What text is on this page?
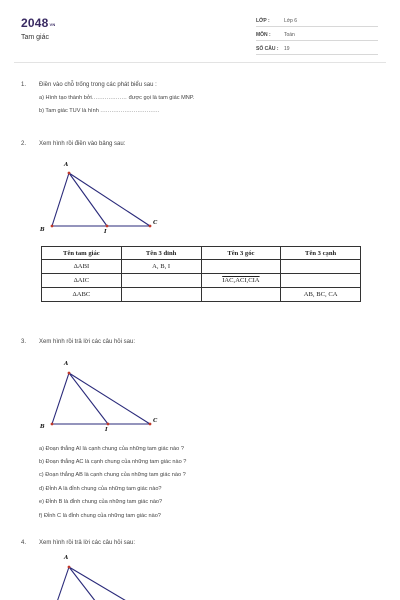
2048VN
Tam giác
LỚP :	Lớp 6
MÔN :	Toán
SỐ CÂU : 19
1. Điền vào chỗ trống trong các phát biểu sau :
a) Hình tạo thành bởi................... được gọi là tam giác MNP.
b) Tam giác TUV là hình ................................
2. Xem hình rồi điền vào bảng sau:
A
B	I
C
Tên tam giác	Tên 3 đỉnh	Tên 3 góc	Tên 3 cạnh
ΔABI	A, B, I		
ΔAIC		IAC,ACI,CIA	
ΔABC			AB, BC, CA
3. Xem hình rồi trả lời các câu hỏi sau:
A
B	I
C
a) Đoạn thẳng AI là cạnh chung của những tam giác nào ?
b) Đoạn thẳng AC là cạnh chung của những tam giác nào ?
c) Đoạn thẳng AB là cạnh chung của những tam giác nào ?
d) Đỉnh A là đỉnh chung của những tam giác nào?
e) Đỉnh B là đỉnh chung của những tam giác nào?
f) Đỉnh C là đỉnh chung của những tam giác nào?
4. Xem hình rồi trả lời các câu hỏi sau:
A
